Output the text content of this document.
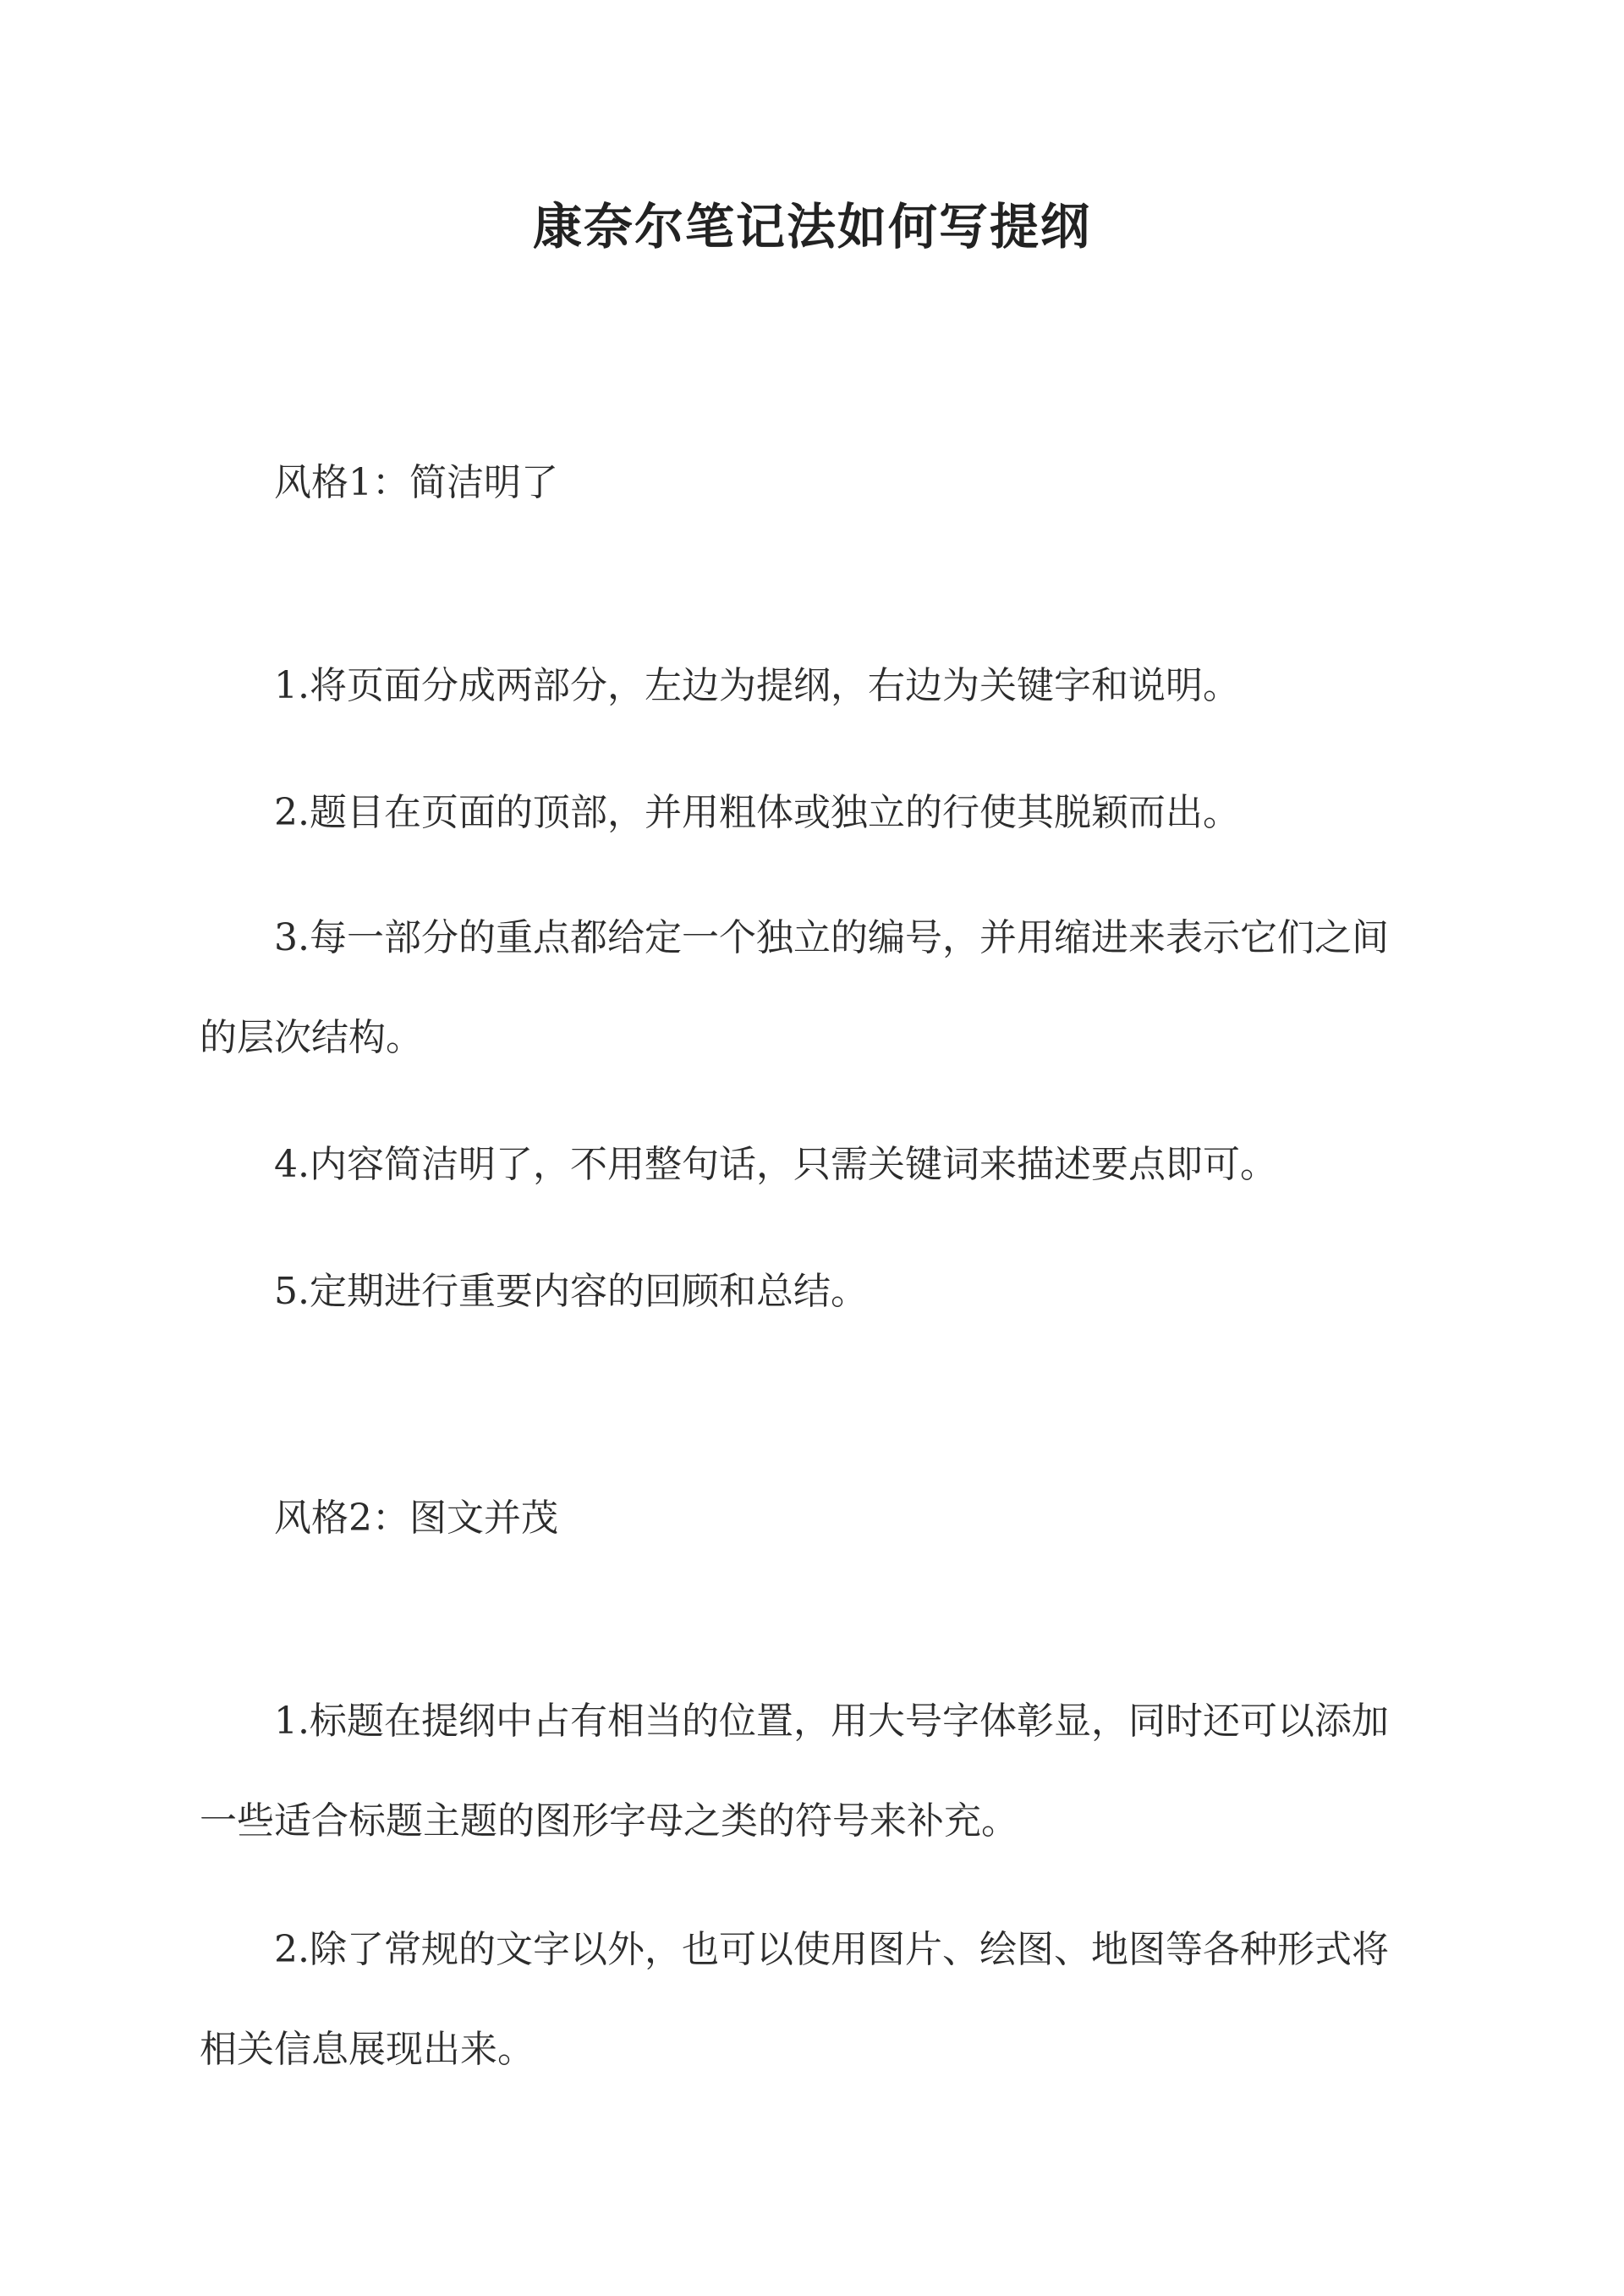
康奈尔笔记法如何写提纲

风格1：简洁明了

1.将页面分成两部分，左边为提纲，右边为关键字和说明。

2.题目在页面的顶部，并用粗体或独立的行使其脱颖而出。

3.每一部分的重点都给定一个独立的编号，并用缩进来表示它们之间的层次结构。

4.内容简洁明了，不用整句话，只需关键词来描述要点即可。

5.定期进行重要内容的回顾和总结。

风格2：图文并茂

1.标题在提纲中占有相当的位置，用大号字体彰显，同时还可以添加一些适合标题主题的图形字母之类的符号来补充。

2.除了常规的文字以外，也可以使用图片、绘图、地图等各种形式将相关信息展现出来。
